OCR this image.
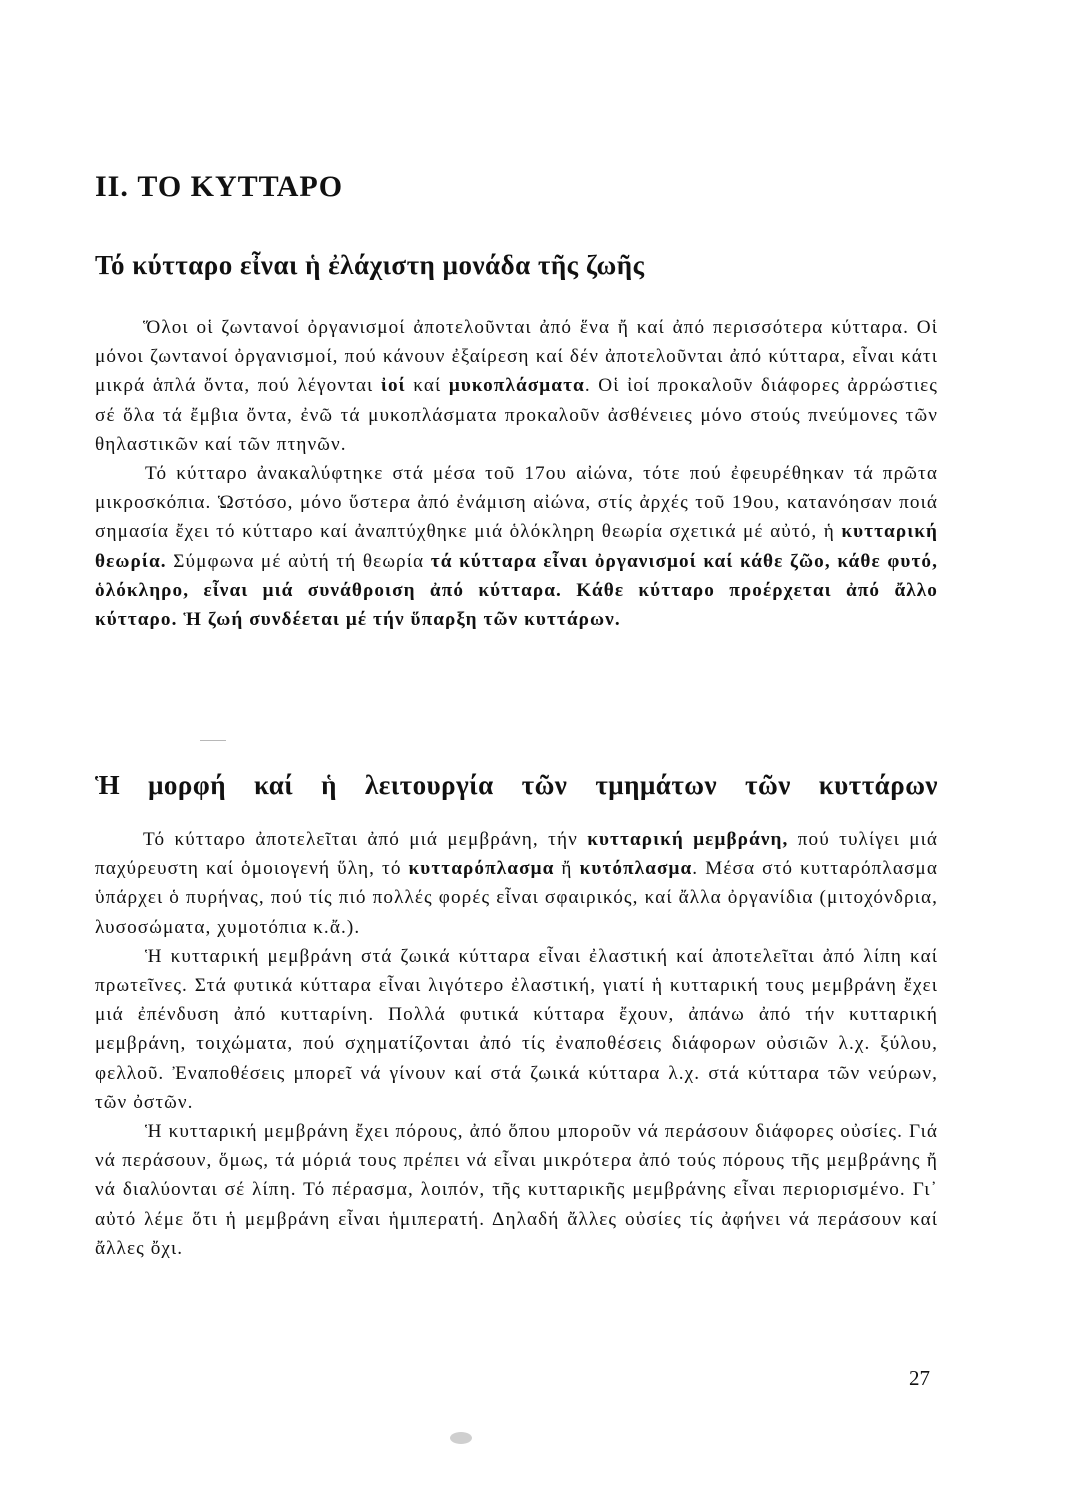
II. ΤΟ ΚΥΤΤΑΡΟ
Τό κύτταρο εἶναι ἡ ἐλάχιστη μονάδα τῆς ζωῆς

Ὅλοι οἱ ζωντανοί ὀργανισμοί ἀποτελοῦνται ἀπό ἕνα ἤ καί ἀπό περισσότερα κύτταρα. Οἱ μόνοι ζωντανοί ὀργανισμοί, πού κάνουν ἐξαίρεση καί δέν ἀποτελοῦνται ἀπό κύτταρα, εἶναι κάτι μικρά ἁπλά ὄντα, πού λέγονται ἰοί καί μυκοπλάσματα. Οἱ ἰοί προκαλοῦν διάφορες ἀρρώστιες σέ ὅλα τά ἔμβια ὄντα, ἐνῶ τά μυκοπλάσματα προκαλοῦν ἀσθένειες μόνο στούς πνεύμονες τῶν θηλαστικῶν καί τῶν πτηνῶν.

Τό κύτταρο ἀνακαλύφτηκε στά μέσα τοῦ 17ου αἰώνα, τότε πού ἐφευρέθηκαν τά πρῶτα μικροσκόπια. Ὡστόσο, μόνο ὕστερα ἀπό ἐνάμιση αἰώνα, στίς ἀρχές τοῦ 19ου, κατανόησαν ποιά σημασία ἔχει τό κύτταρο καί ἀναπτύχθηκε μιά ὁλόκληρη θεωρία σχετικά μέ αὐτό, ἡ κυτταρική θεωρία. Σύμφωνα μέ αὐτή τή θεωρία τά κύτταρα εἶναι ὀργανισμοί καί κάθε ζῶο, κάθε φυτό, ὁλόκληρο, εἶναι μιά συνάθροιση ἀπό κύτταρα. Κάθε κύτταρο προέρχεται ἀπό ἄλλο κύτταρο. Ἡ ζωή συνδέεται μέ τήν ὕπαρξη τῶν κυττάρων.

Ἡ μορφή καί ἡ λειτουργία τῶν τμημάτων τῶν κυττάρων

Τό κύτταρο ἀποτελεῖται ἀπό μιά μεμβράνη, τήν κυτταρική μεμβράνη, πού τυλίγει μιά παχύρευστη καί ὁμοιογενή ὕλη, τό κυτταρόπλασμα ἤ κυτόπλασμα. Μέσα στό κυτταρόπλασμα ὑπάρχει ὁ πυρήνας, πού τίς πιό πολλές φορές εἶναι σφαιρικός, καί ἄλλα ὀργανίδια (μιτοχόνδρια, λυσοσώματα, χυμοτόπια κ.ἄ.).

Ἡ κυτταρική μεμβράνη στά ζωικά κύτταρα εἶναι ἐλαστική καί ἀποτελεῖται ἀπό λίπη καί πρωτεῖνες. Στά φυτικά κύτταρα εἶναι λιγότερο ἐλαστική, γιατί ἡ κυτταρική τους μεμβράνη ἔχει μιά ἐπένδυση ἀπό κυτταρίνη. Πολλά φυτικά κύτταρα ἔχουν, ἀπάνω ἀπό τήν κυτταρική μεμβράνη, τοιχώματα, πού σχηματίζονται ἀπό τίς ἐναποθέσεις διάφορων οὐσιῶν λ.χ. ξύλου, φελλοῦ. Ἐναποθέσεις μπορεῖ νά γίνουν καί στά ζωικά κύτταρα λ.χ. στά κύτταρα τῶν νεύρων, τῶν ὀστῶν.

Ἡ κυτταρική μεμβράνη ἔχει πόρους, ἀπό ὅπου μποροῦν νά περάσουν διάφορες οὐσίες. Γιά νά περάσουν, ὅμως, τά μόριά τους πρέπει νά εἶναι μικρότερα ἀπό τούς πόρους τῆς μεμβράνης ἤ νά διαλύονται σέ λίπη. Τό πέρασμα, λοιπόν, τῆς κυτταρικῆς μεμβράνης εἶναι περιορισμένο. Γι᾽ αὐτό λέμε ὅτι ἡ μεμβράνη εἶναι ἡμιπερατή. Δηλαδή ἄλλες οὐσίες τίς ἀφήνει νά περάσουν καί ἄλλες ὄχι.

27
